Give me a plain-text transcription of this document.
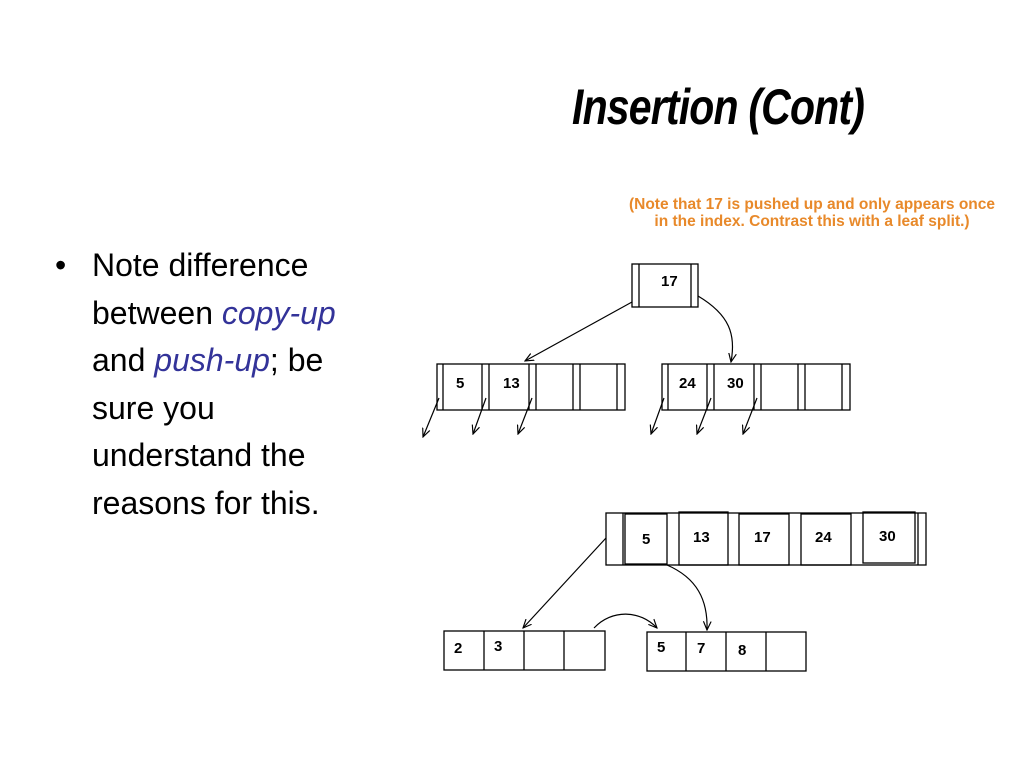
Insertion (Cont)
(Note that 17 is pushed up and only appears once in the index. Contrast this with a leaf split.)
• Note difference between copy-up and push-up; be sure you understand the reasons for this.
17
5	13	24 30
5	13	17	24	30
2 3	5 7 8
